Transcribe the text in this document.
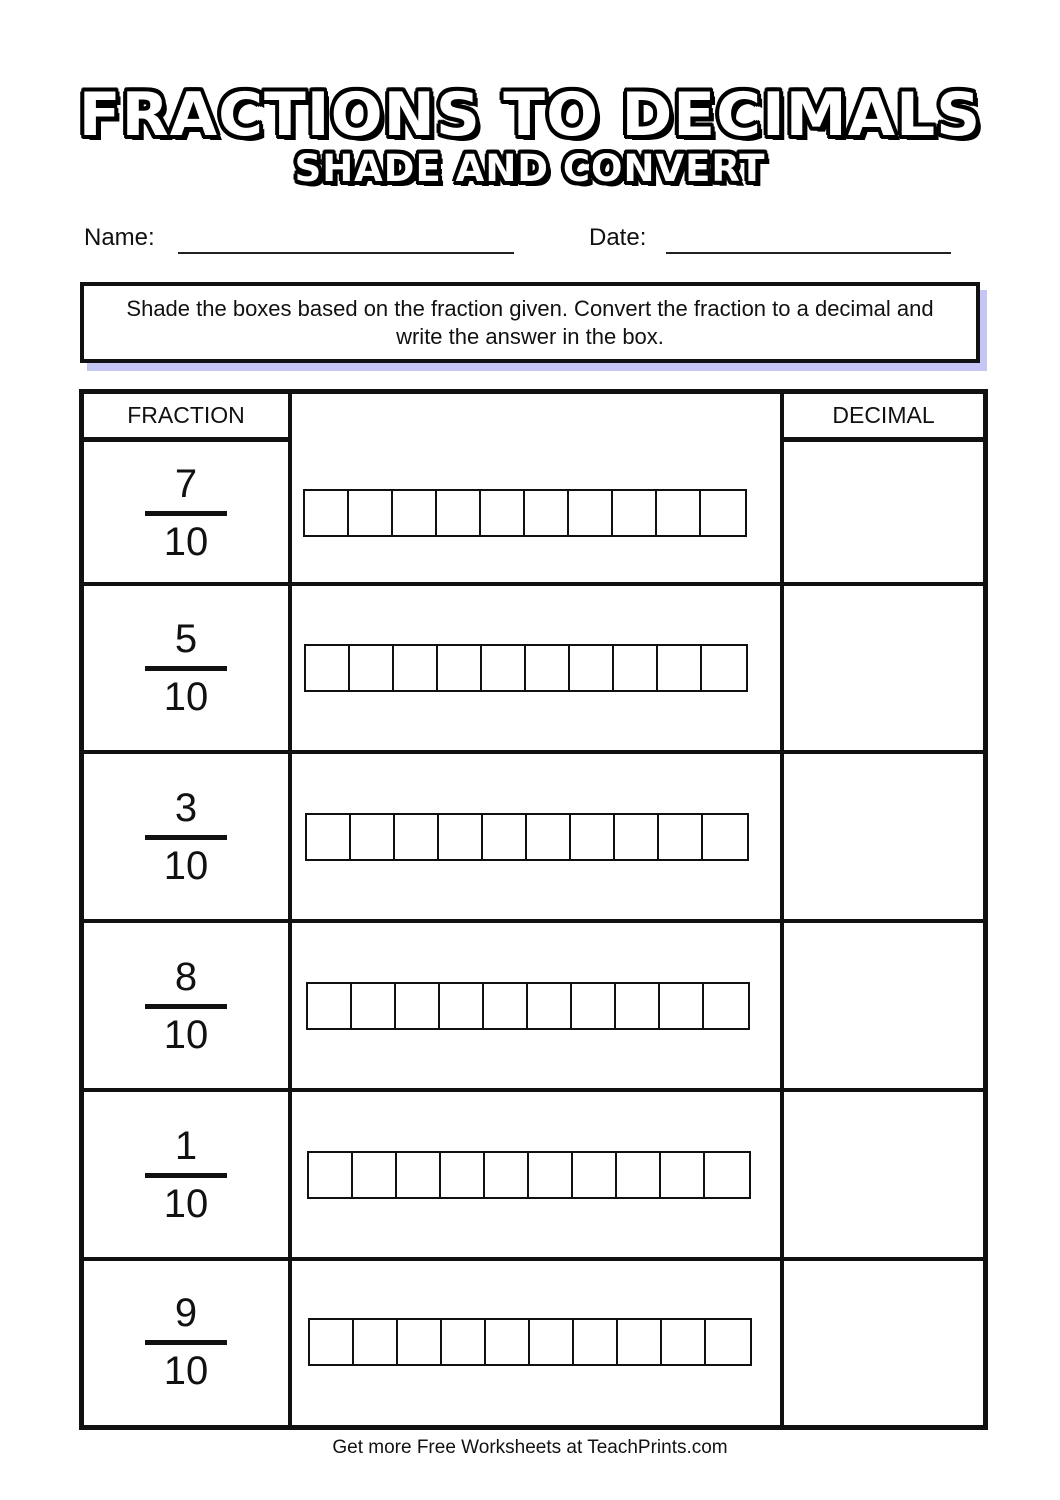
FRACTIONS TO DECIMALS
SHADE AND CONVERT
Name:	Date:
Shade the boxes based on the fraction given. Convert the fraction to a decimal and write the answer in the box.
FRACTION	DECIMAL
7
10
5
10
3
10
8
10
1
10
9
10
Get more Free Worksheets at TeachPrints.com
